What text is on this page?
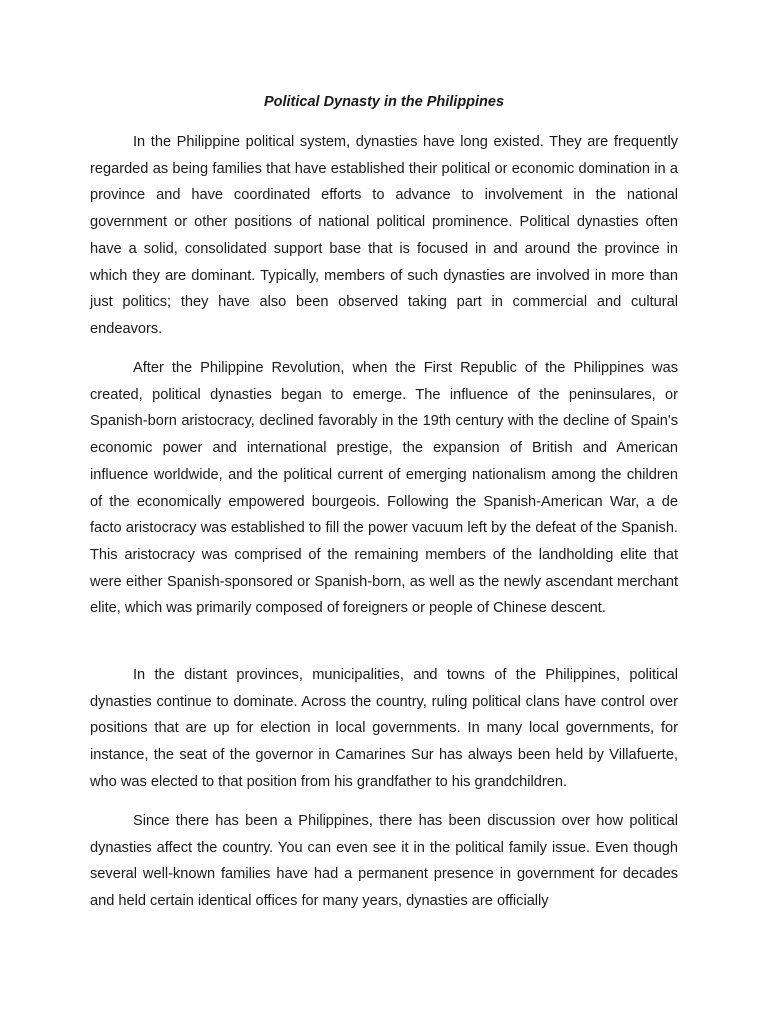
Political Dynasty in the Philippines

In the Philippine political system, dynasties have long existed. They are frequently regarded as being families that have established their political or economic domination in a province and have coordinated efforts to advance to involvement in the national government or other positions of national political prominence. Political dynasties often have a solid, consolidated support base that is focused in and around the province in which they are dominant. Typically, members of such dynasties are involved in more than just politics; they have also been observed taking part in commercial and cultural endeavors.

After the Philippine Revolution, when the First Republic of the Philippines was created, political dynasties began to emerge. The influence of the peninsulares, or Spanish-born aristocracy, declined favorably in the 19th century with the decline of Spain's economic power and international prestige, the expansion of British and American influence worldwide, and the political current of emerging nationalism among the children of the economically empowered bourgeois. Following the Spanish-American War, a de facto aristocracy was established to fill the power vacuum left by the defeat of the Spanish. This aristocracy was comprised of the remaining members of the landholding elite that were either Spanish-sponsored or Spanish-born, as well as the newly ascendant merchant elite, which was primarily composed of foreigners or people of Chinese descent.

In the distant provinces, municipalities, and towns of the Philippines, political dynasties continue to dominate. Across the country, ruling political clans have control over positions that are up for election in local governments. In many local governments, for instance, the seat of the governor in Camarines Sur has always been held by Villafuerte, who was elected to that position from his grandfather to his grandchildren.

Since there has been a Philippines, there has been discussion over how political dynasties affect the country. You can even see it in the political family issue. Even though several well-known families have had a permanent presence in government for decades and held certain identical offices for many years, dynasties are officially
